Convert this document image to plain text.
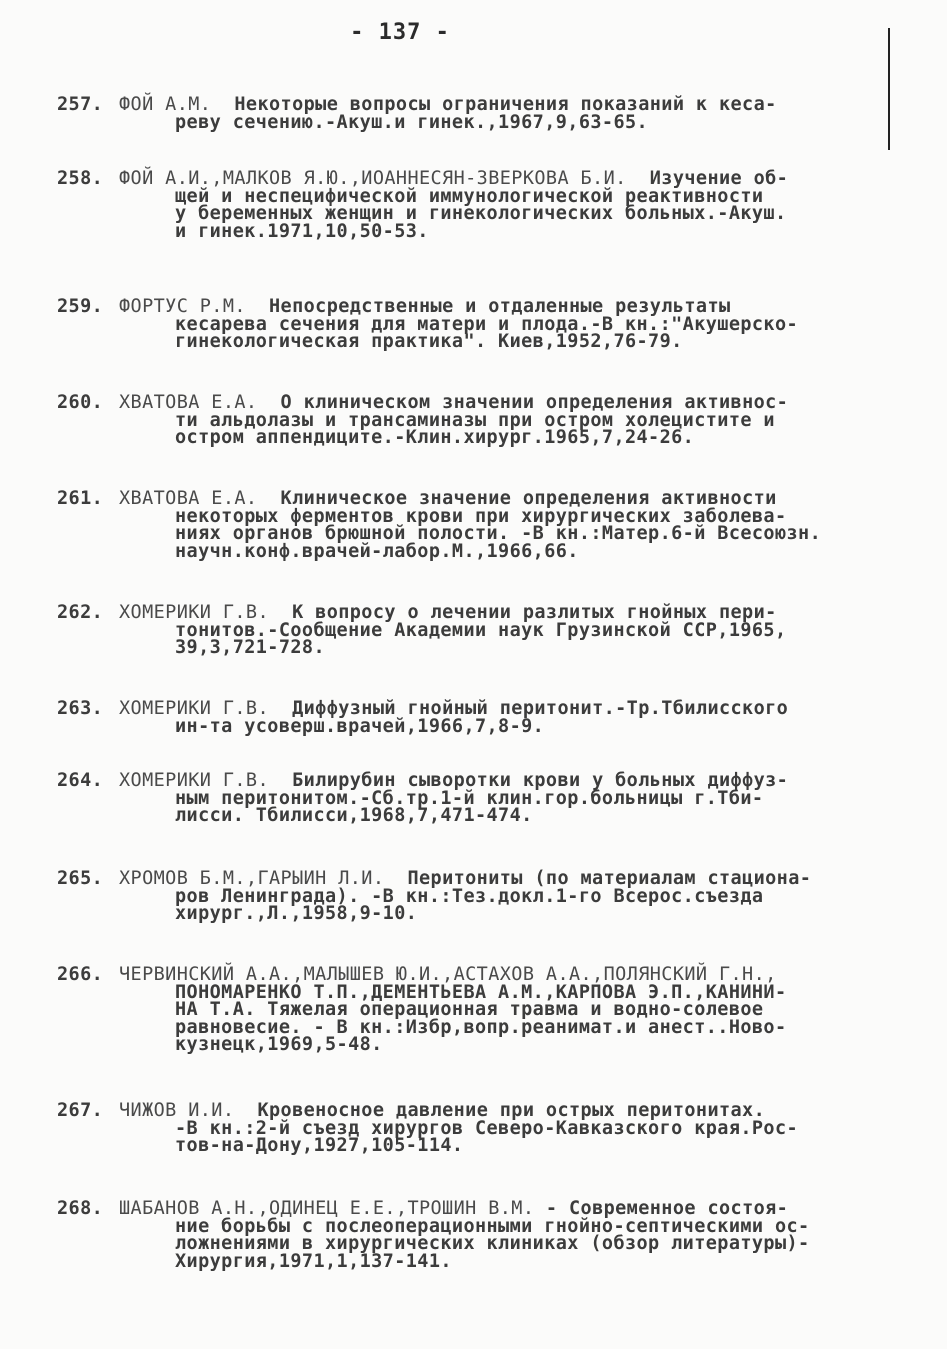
- 137 -
257. ФОЙ А.М. Некоторые вопросы ограничения показаний к кеса-
реву сечению.-Акуш.и гинек.,1967,9,63-65.
258. ФОЙ А.И.,МАЛКОВ Я.Ю.,ИОАННЕСЯН-ЗВЕРКОВА Б.И. Изучение об-
щей и неспецифической иммунологической реактивности
у беременных женщин и гинекологических больных.-Акуш.
и гинек.1971,10,50-53.
259. ФОРТУС Р.М. Непосредственные и отдаленные результаты
кесарева сечения для матери и плода.-В кн.:"Акушерско-
гинекологическая практика". Киев,1952,76-79.
260. ХВАТОВА Е.А. О клиническом значении определения активнос-
ти альдолазы и трансаминазы при остром холецистите и
остром аппендиците.-Клин.хирург.1965,7,24-26.
261. ХВАТОВА Е.А. Клиническое значение определения активности
некоторых ферментов крови при хирургических заболева-
ниях органов брюшной полости. -В кн.:Матер.6-й Всесоюзн.
научн.конф.врачей-лабор.М.,1966,66.
262. ХОМЕРИКИ Г.В. К вопросу о лечении разлитых гнойных пери-
тонитов.-Сообщение Академии наук Грузинской ССР,1965,
39,3,721-728.
263. ХОМЕРИКИ Г.В. Диффузный гнойный перитонит.-Тр.Тбилисского
ин-та усоверш.врачей,1966,7,8-9.
264. ХОМЕРИКИ Г.В. Билирубин сыворотки крови у больных диффуз-
ным перитонитом.-Сб.тр.1-й клин.гор.больницы г.Тби-
лисси. Тбилисси,1968,7,471-474.
265. ХРОМОВ Б.М.,ГАРЫИН Л.И. Перитониты (по материалам стациона-
ров Ленинграда). -В кн.:Тез.докл.1-го Всерос.съезда
хирург.,Л.,1958,9-10.
266. ЧЕРВИНСКИЙ А.А.,МАЛЫШЕВ Ю.И.,АСТАХОВ А.А.,ПОЛЯНСКИЙ Г.Н.,
ПОНОМАРЕНКО Т.П.,ДЕМЕНТЬЕВА А.М.,КАРПОВА Э.П.,КАНИНИ-
НА Т.А. Тяжелая операционная травма и водно-солевое
равновесие. - В кн.:Избр,вопр.реанимат.и анест..Ново-
кузнецк,1969,5-48.
267. ЧИЖОВ И.И. Кровеносное давление при острых перитонитах.
-В кн.:2-й съезд хирургов Северо-Кавказского края.Рос-
тов-на-Дону,1927,105-114.
268. ШАБАНОВ А.Н.,ОДИНЕЦ Е.Е.,ТРОШИН В.М. - Современное состоя-
ние борьбы с послеоперационными гнойно-септическими ос-
ложнениями в хирургических клиниках (обзор литературы)-
Хирургия,1971,1,137-141.
